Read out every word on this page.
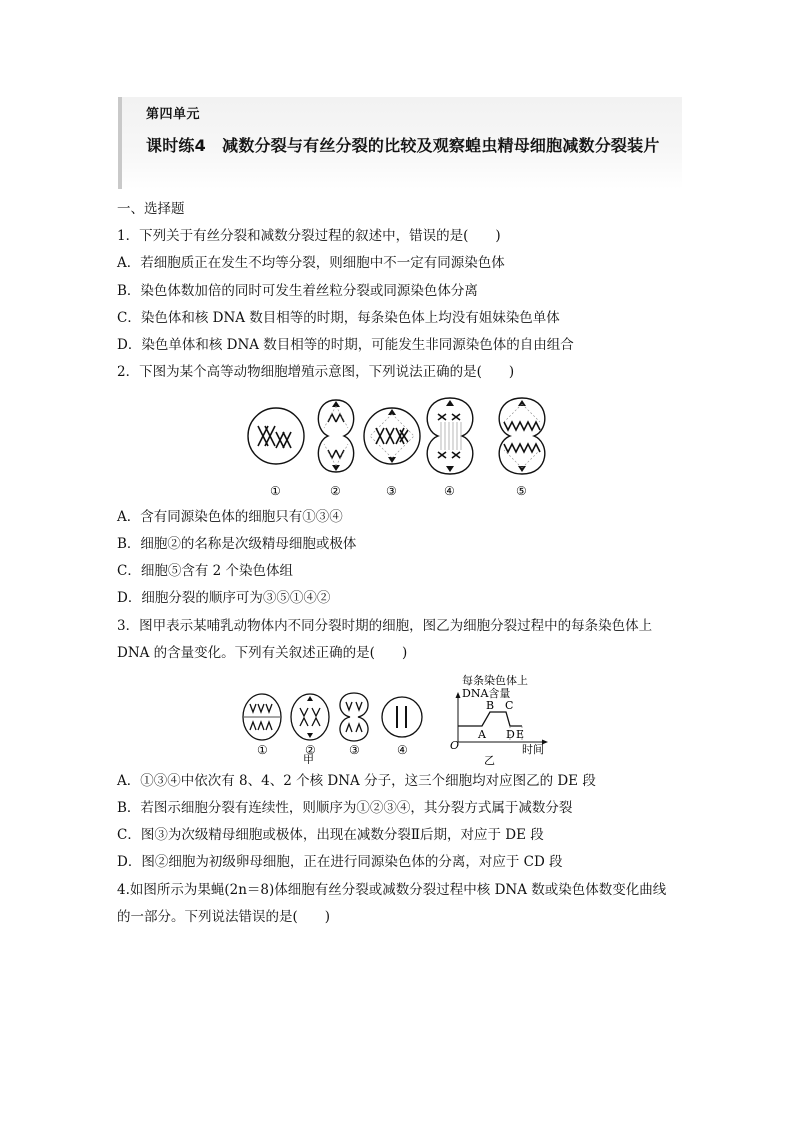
第四单元
课时练4　减数分裂与有丝分裂的比较及观察蝗虫精母细胞减数分裂装片
一、选择题
1．下列关于有丝分裂和减数分裂过程的叙述中，错误的是(　　)
A．若细胞质正在发生不均等分裂，则细胞中不一定有同源染色体
B．染色体数加倍的同时可发生着丝粒分裂或同源染色体分离
C．染色体和核 DNA 数目相等的时期，每条染色体上均没有姐妹染色单体
D．染色单体和核 DNA 数目相等的时期，可能发生非同源染色体的自由组合
2．下图为某个高等动物细胞增殖示意图，下列说法正确的是(　　)
①	②	③	④	⑤
A．含有同源染色体的细胞只有①③④
B．细胞②的名称是次级精母细胞或极体
C．细胞⑤含有 2 个染色体组
D．细胞分裂的顺序可为③⑤①④②
3．图甲表示某哺乳动物体内不同分裂时期的细胞，图乙为细胞分裂过程中的每条染色体上
DNA 的含量变化。下列有关叙述正确的是(　　)
①	②	③	④
甲
每条染色体上
DNA含量
O
A
B C
D E
时间
乙
A．①③④中依次有 8、4、2 个核 DNA 分子，这三个细胞均对应图乙的 DE 段
B．若图示细胞分裂有连续性，则顺序为①②③④，其分裂方式属于减数分裂
C．图③为次级精母细胞或极体，出现在减数分裂Ⅱ后期，对应于 DE 段
D．图②细胞为初级卵母细胞，正在进行同源染色体的分离，对应于 CD 段
4.如图所示为果蝇(2n＝8)体细胞有丝分裂或减数分裂过程中核 DNA 数或染色体数变化曲线
的一部分。下列说法错误的是(　　)
